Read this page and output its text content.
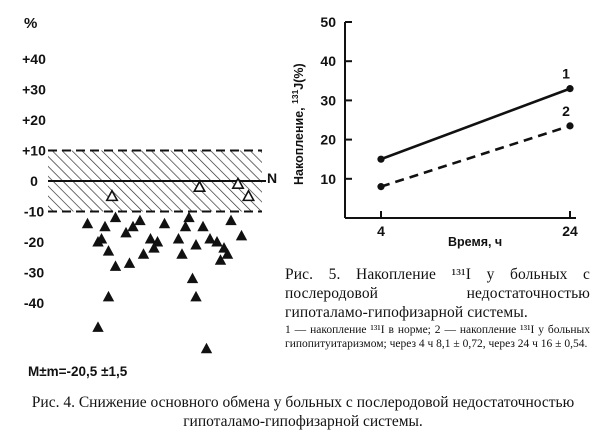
%
N
+40
+30
+20
+10
0
-10
-20
-30
-40
M±m=-20,5 ±1,5
10
20
30
40
50
4	24
Накопление, $^{131}$J(%)
Время, ч
1
2
Рис. 5. Накопление ¹³¹I у больных с послеродовой недостаточностью гипоталамо-гипофизарной системы.
1 — накопление ¹³¹I в норме; 2 — накопление ¹³¹I у больных гипопитуитаризмом; через 4 ч 8,1 ± 0,72, через 24 ч 16 ± 0,54.
Рис. 4. Снижение основного обмена у больных с послеродовой недостаточностью гипоталамо-гипофизарной системы.
